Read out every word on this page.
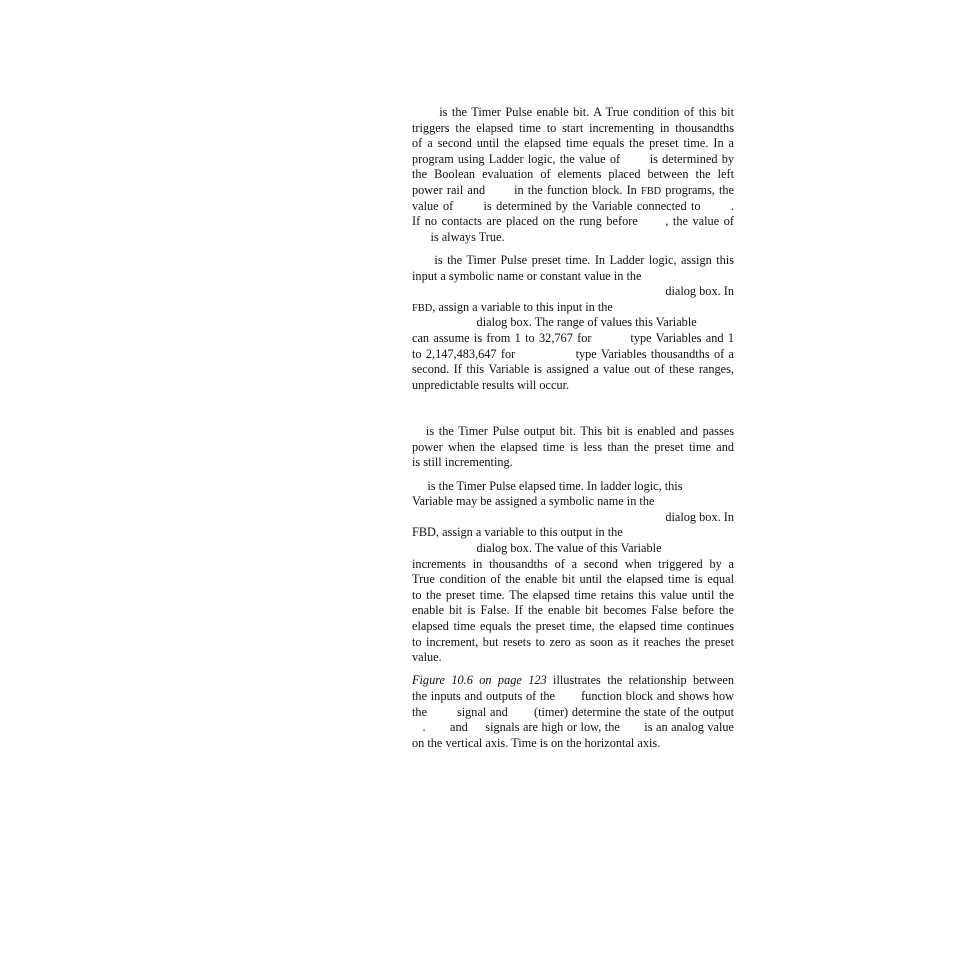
is the Timer Pulse enable bit. A True condition of this bit
triggers the elapsed time to start incrementing in thousandths
of a second until the elapsed time equals the preset time. In a
program using Ladder logic, the value of       is determined by
the Boolean evaluation of elements placed between the left
power rail and       in the function block. In FBD programs, the
value of       is determined by the Variable connected to       .
If no contacts are placed on the rung before      , the value of
is always True.
is the Timer Pulse preset time. In Ladder logic, assign this
input a symbolic name or constant value in the
dialog box. In
FBD, assign a variable to this input in the
dialog box. The range of values this Variable
can assume is from 1 to 32,767 for         type Variables and 1
to 2,147,483,647 for              type Variables thousandths of a
second. If this Variable is assigned a value out of these ranges,
unpredictable results will occur.
is the Timer Pulse output bit. This bit is enabled and passes
power when the elapsed time is less than the preset time and
is still incrementing.
is the Timer Pulse elapsed time. In ladder logic, this
Variable may be assigned a symbolic name in the
dialog box. In
FBD, assign a variable to this output in the
dialog box. The value of this Variable
increments in thousandths of a second when triggered by a
True condition of the enable bit until the elapsed time is equal
to the preset time. The elapsed time retains this value until the
enable bit is False. If the enable bit becomes False before the
elapsed time equals the preset time, the elapsed time continues
to increment, but resets to zero as soon as it reaches the preset
value.
Figure 10.6 on page 123 illustrates the relationship between
the inputs and outputs of the       function block and shows how
the        signal and       (timer) determine the state of the output
.       and     signals are high or low, the       is an analog value
on the vertical axis. Time is on the horizontal axis.
